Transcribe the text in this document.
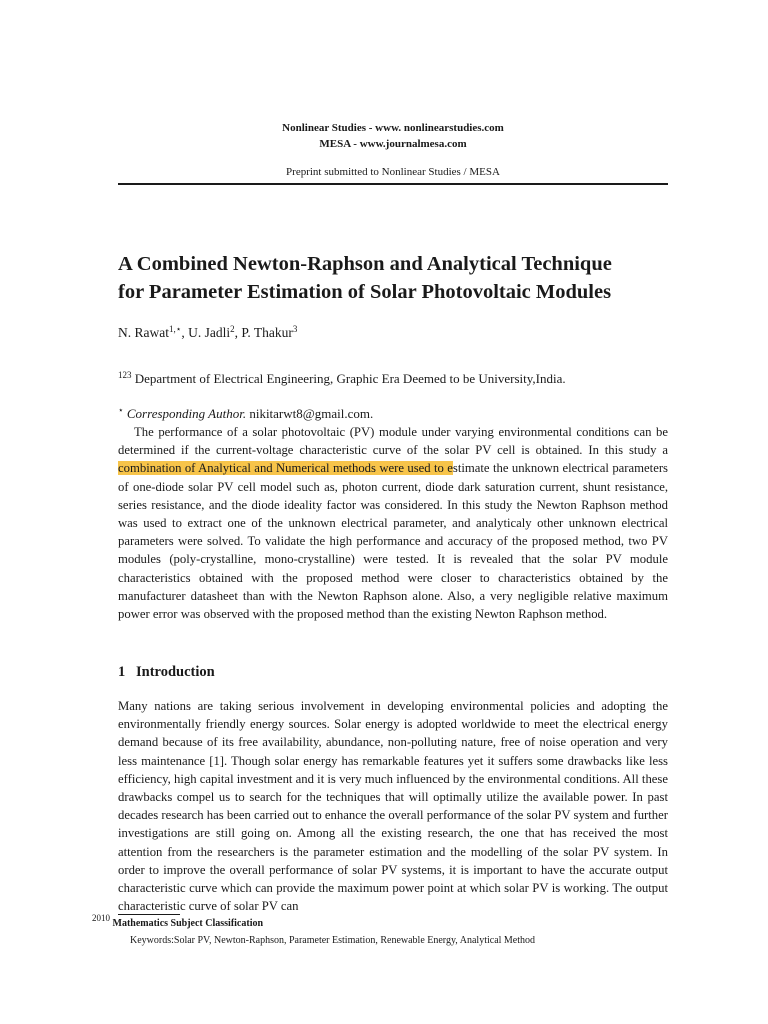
Nonlinear Studies - www. nonlinearstudies.com
MESA - www.journalmesa.com
Preprint submitted to Nonlinear Studies / MESA
A Combined Newton-Raphson and Analytical Technique
for Parameter Estimation of Solar Photovoltaic Modules
N. Rawat$^{1,⋆}$, U. Jadli$^2$, P. Thakur$^3$
$^{123}$ Department of Electrical Engineering, Graphic Era Deemed to be University,India.
⋆ Corresponding Author. nikitarwt8@gmail.com.
The performance of a solar photovoltaic (PV) module under varying environmental conditions can be determined if the current-voltage characteristic curve of the solar PV cell is obtained. In this study a combination of Analytical and Numerical methods were used to estimate the unknown electrical parameters of one-diode solar PV cell model such as, photon current, diode dark saturation current, shunt resistance, series resistance, and the diode ideality factor was considered. In this study the Newton Raphson method was used to extract one of the unknown electrical parameter, and analyticaly other unknown electrical parameters were solved. To validate the high performance and accuracy of the proposed method, two PV modules (poly-crystalline, mono-crystalline) were tested. It is revealed that the solar PV module characteristics obtained with the proposed method were closer to characteristics obtained by the manufacturer datasheet than with the Newton Raphson alone. Also, a very negligible relative maximum power error was observed with the proposed method than the existing Newton Raphson method.
1 Introduction
Many nations are taking serious involvement in developing environmental policies and adopting the environmentally friendly energy sources. Solar energy is adopted worldwide to meet the electrical energy demand because of its free availability, abundance, non-polluting nature, free of noise operation and very less maintenance [1]. Though solar energy has remarkable features yet it suffers some drawbacks like less efficiency, high capital investment and it is very much influenced by the environmental conditions. All these drawbacks compel us to search for the techniques that will optimally utilize the available power. In past decades research has been carried out to enhance the overall performance of the solar PV system and further investigations are still going on. Among all the existing research, the one that has received the most attention from the researchers is the parameter estimation and the modelling of the solar PV system. In order to improve the overall performance of solar PV systems, it is important to have the accurate output characteristic curve which can provide the maximum power point at which solar PV is working. The output characteristic curve of solar PV can
$^{2010}$ Mathematics Subject Classification
Keywords:Solar PV, Newton-Raphson, Parameter Estimation, Renewable Energy, Analytical Method
